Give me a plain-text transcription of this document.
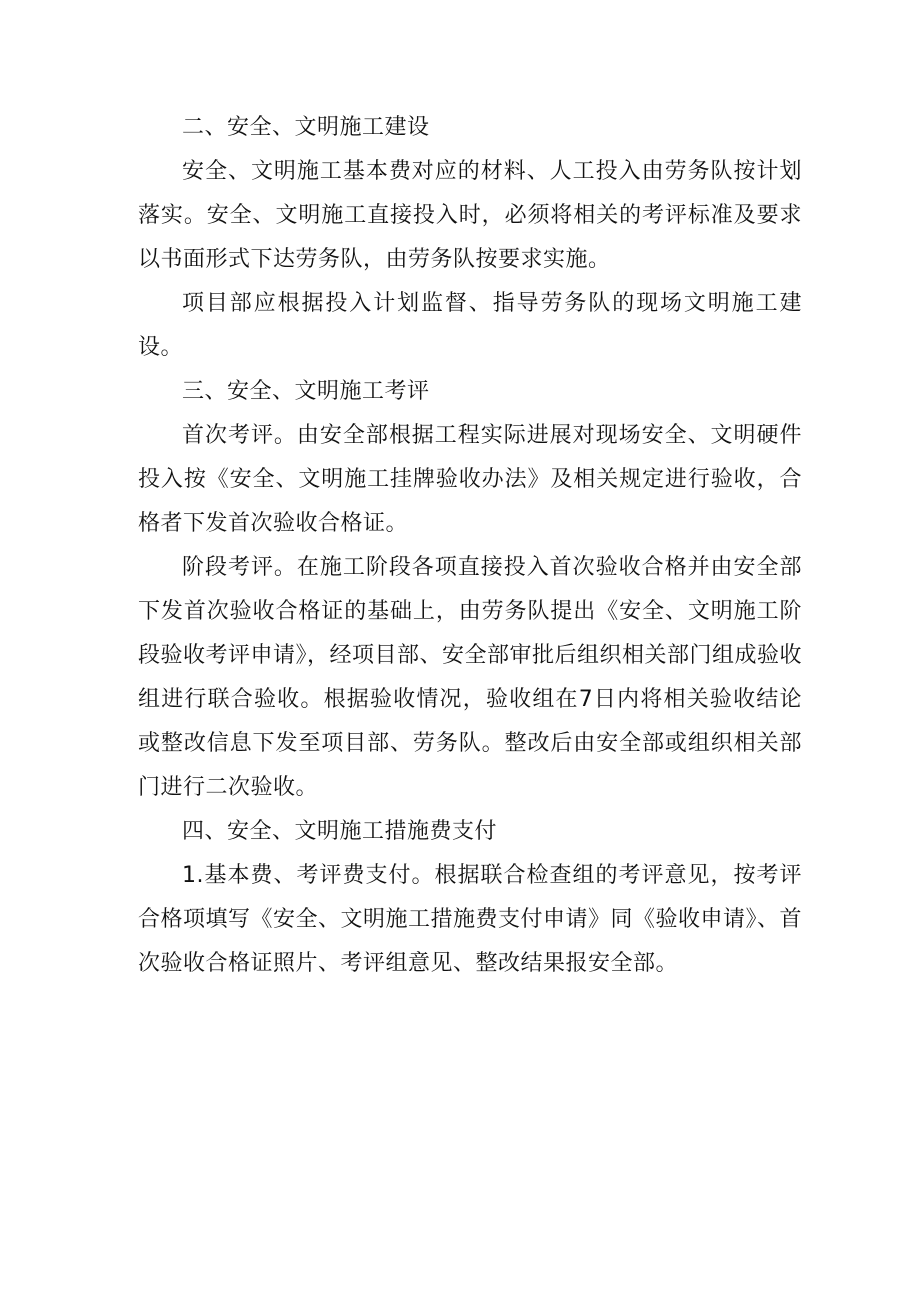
二、安全、文明施工建设

安全、文明施工基本费对应的材料、人工投入由劳务队按计划落实。安全、文明施工直接投入时，必须将相关的考评标准及要求以书面形式下达劳务队，由劳务队按要求实施。

项目部应根据投入计划监督、指导劳务队的现场文明施工建设。

三、安全、文明施工考评

首次考评。由安全部根据工程实际进展对现场安全、文明硬件投入按《安全、文明施工挂牌验收办法》及相关规定进行验收，合格者下发首次验收合格证。

阶段考评。在施工阶段各项直接投入首次验收合格并由安全部下发首次验收合格证的基础上，由劳务队提出《安全、文明施工阶段验收考评申请》，经项目部、安全部审批后组织相关部门组成验收组进行联合验收。根据验收情况，验收组在7日内将相关验收结论或整改信息下发至项目部、劳务队。整改后由安全部或组织相关部门进行二次验收。

四、安全、文明施工措施费支付

1.基本费、考评费支付。根据联合检查组的考评意见，按考评合格项填写《安全、文明施工措施费支付申请》同《验收申请》、首次验收合格证照片、考评组意见、整改结果报安全部。
